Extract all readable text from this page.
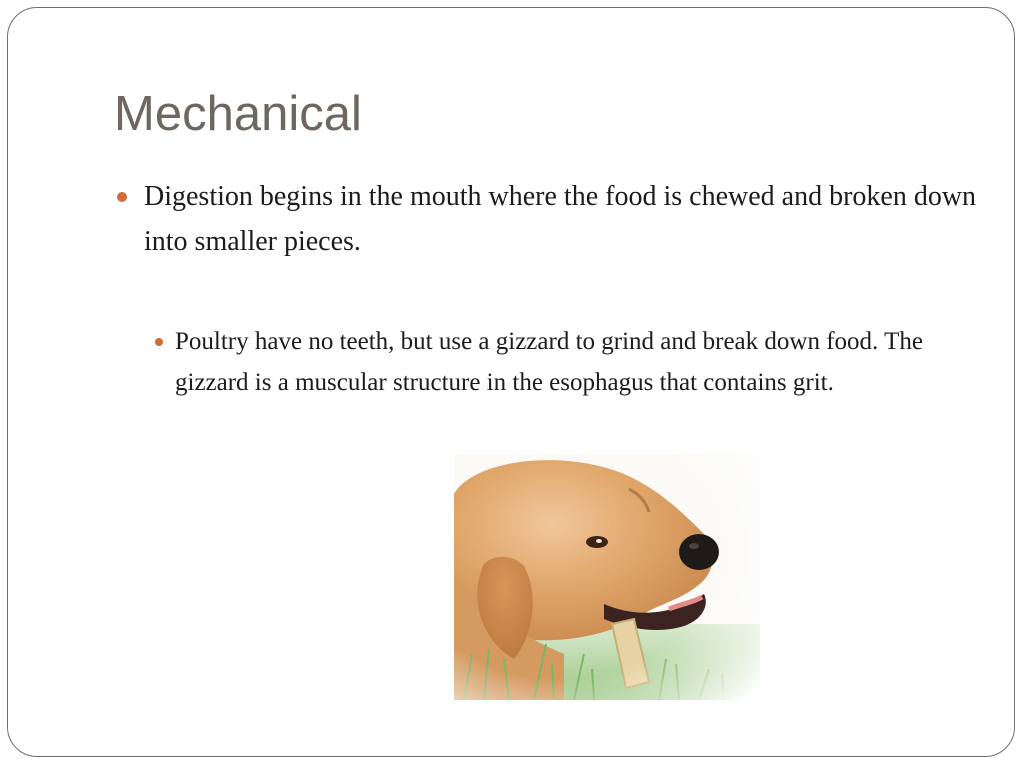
Mechanical
Digestion begins in the mouth where the food is chewed and broken down into smaller pieces.
Poultry have no teeth, but use a gizzard to grind and break down food. The gizzard is a muscular structure in the esophagus that contains grit.
